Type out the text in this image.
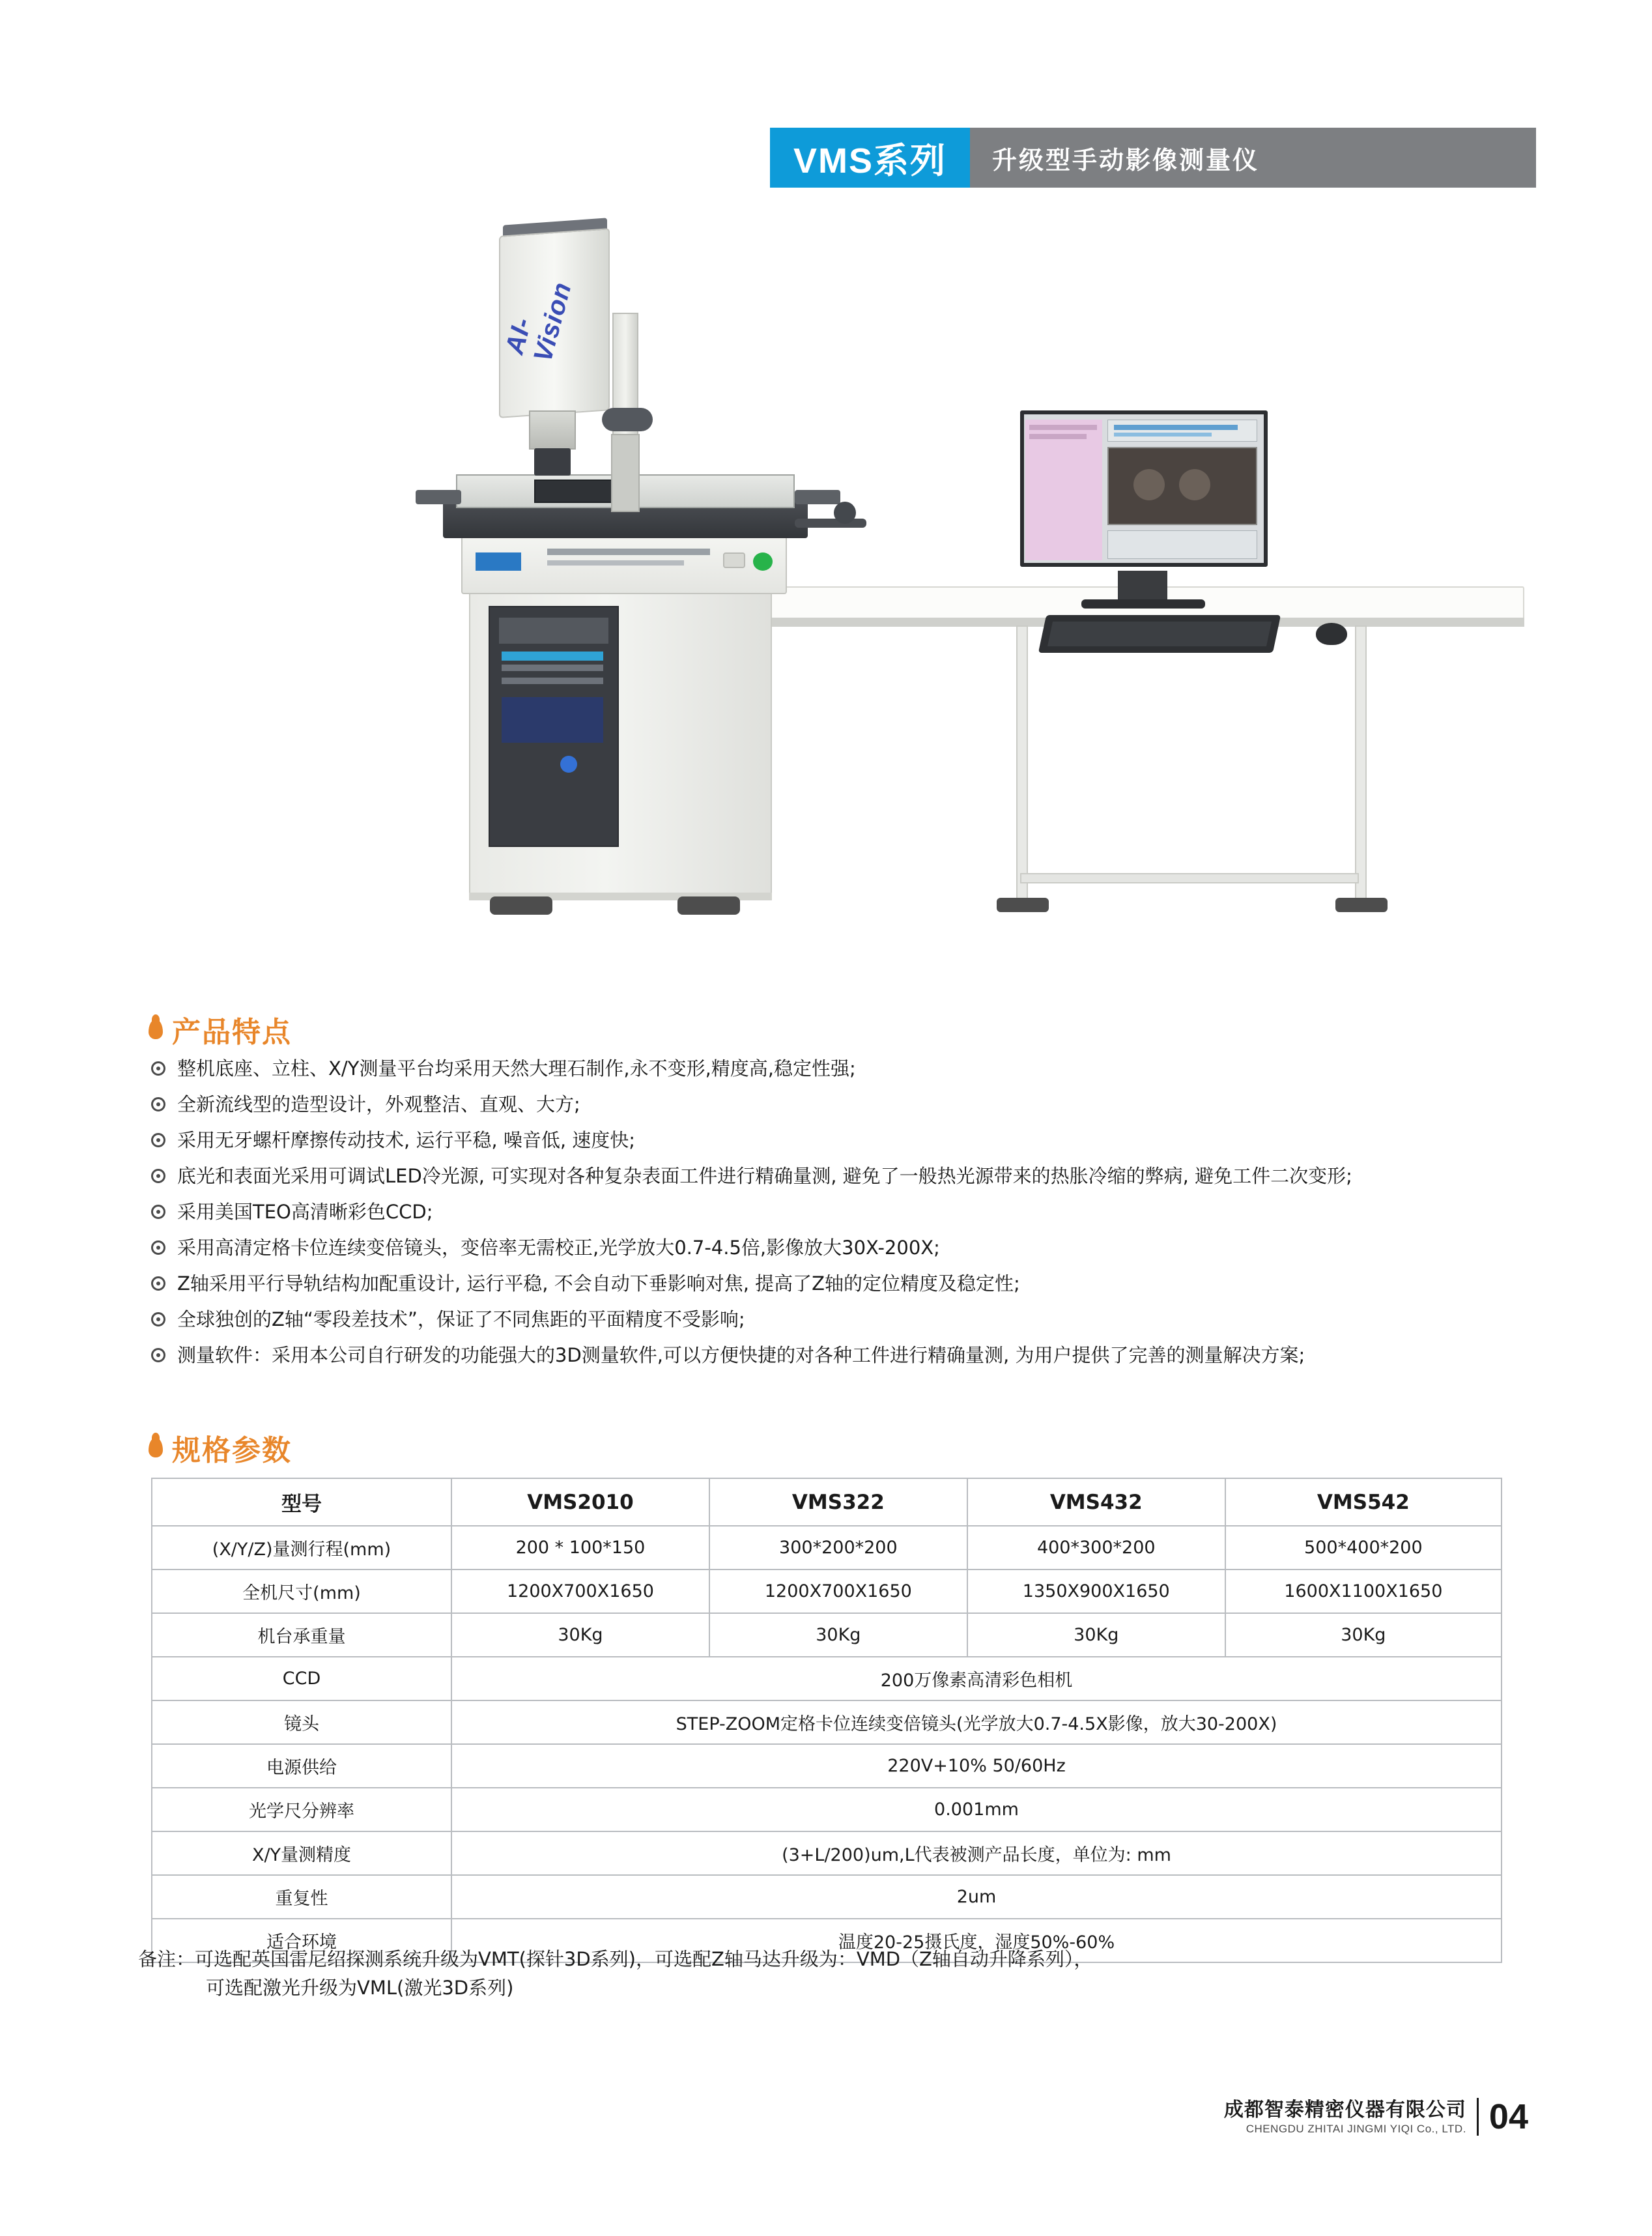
VMS系列	升级型手动影像测量仪
AI-Vision
产品特点
整机底座、立柱、X/Y测量平台均采用天然大理石制作,永不变形,精度高,稳定性强;
全新流线型的造型设计，外观整洁、直观、大方;
采用无牙螺杆摩擦传动技术, 运行平稳, 噪音低, 速度快;
底光和表面光采用可调试LED冷光源, 可实现对各种复杂表面工件进行精确量测, 避免了一般热光源带来的热胀冷缩的弊病, 避免工件二次变形;
采用美国TEO高清晰彩色CCD;
采用高清定格卡位连续变倍镜头，变倍率无需校正,光学放大0.7-4.5倍,影像放大30X-200X;
Z轴采用平行导轨结构加配重设计, 运行平稳, 不会自动下垂影响对焦, 提高了Z轴的定位精度及稳定性;
全球独创的Z轴“零段差技术”，保证了不同焦距的平面精度不受影响;
测量软件：采用本公司自行研发的功能强大的3D测量软件,可以方便快捷的对各种工件进行精确量测, 为用户提供了完善的测量解决方案;
规格参数
型号	VMS2010	VMS322	VMS432	VMS542
(X/Y/Z)量测行程(mm)	200 * 100*150	300*200*200	400*300*200	500*400*200
全机尺寸(mm)	1200X700X1650	1200X700X1650	1350X900X1650	1600X1100X1650
机台承重量	30Kg	30Kg	30Kg	30Kg
CCD	200万像素高清彩色相机			
镜头	STEP-ZOOM定格卡位连续变倍镜头(光学放大0.7-4.5X影像，放大30-200X)			
电源供给	220V+10% 50/60Hz			
光学尺分辨率	0.001mm			
X/Y量测精度	(3+L/200)um,L代表被测产品长度，单位为: mm			
重复性	2um			
适合环境	温度20-25摄氏度，湿度50%-60%			
备注：可选配英国雷尼绍探测系统升级为VMT(探针3D系列)，可选配Z轴马达升级为：VMD（Z轴自动升降系列），
可选配激光升级为VML(激光3D系列)
成都智泰精密仪器有限公司
CHENGDU ZHITAI JINGMI YIQI Co., LTD. 04
